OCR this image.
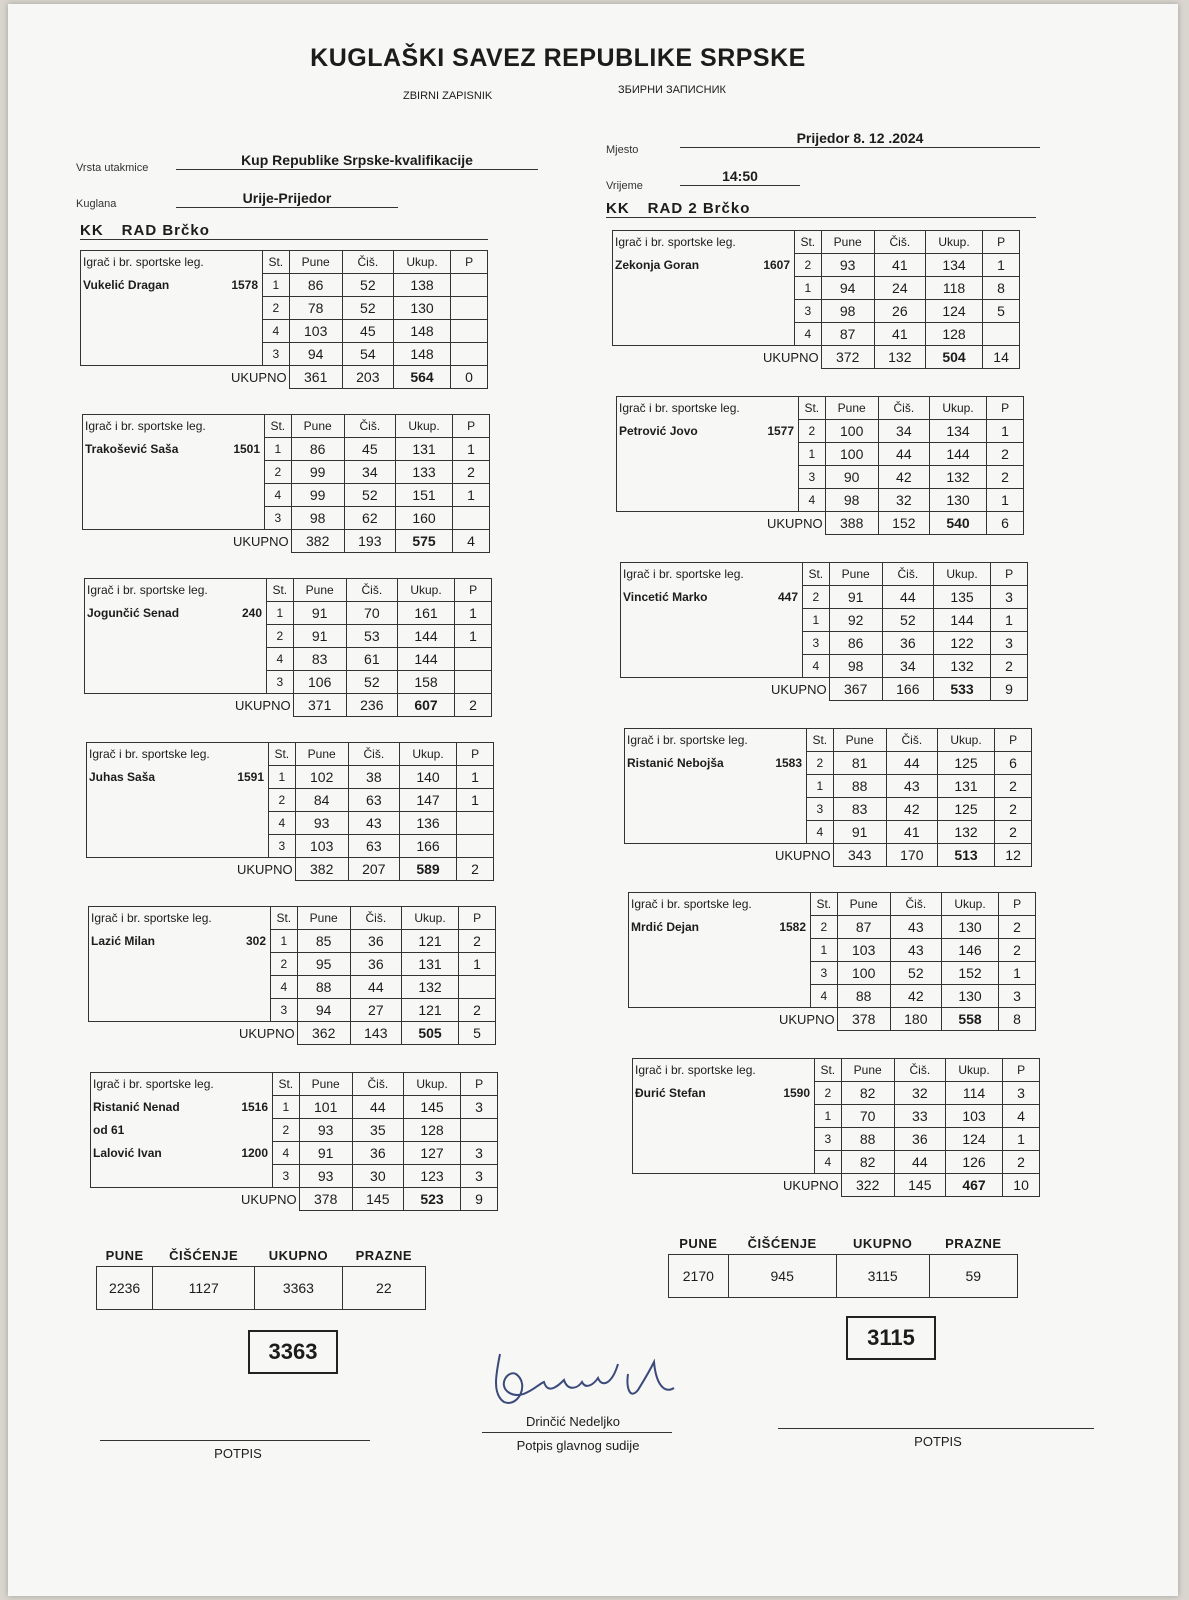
KUGLAŠKI SAVEZ REPUBLIKE SRPSKE
ZBIRNI ZAPISNIK	ЗБИРНИ ЗАПИСНИК
Vrsta utakmice	Kup Republike Srpske-kvalifikacije
Kuglana	Urije-Prijedor
Mjesto
Prijedor 8. 12 .2024
Vrijeme
14:50
KK RAD Brčko
KK RAD 2 Brčko
Igrač i br. sportske leg.	St.	Pune	Čiš.	Ukup.	P
Vukelić Dragan 1578	1	86	52	138	
	2	78	52	130	

	4	103	45	148	
	3	94	54	148	
UKUPNO		361	203	564	0
Igrač i br. sportske leg.	St.	Pune	Čiš.	Ukup.	P
Trakošević Saša 1501	1	86	45	131	1
	2	99	34	133	2

	4	99	52	151	1
	3	98	62	160	
UKUPNO		382	193	575	4
Igrač i br. sportske leg.	St.	Pune	Čiš.	Ukup.	P
Jogunčić Senad 240	1	91	70	161	1
	2	91	53	144	1

	4	83	61	144	
	3	106	52	158	
UKUPNO		371	236	607	2
Igrač i br. sportske leg.	St.	Pune	Čiš.	Ukup.	P
Juhas Saša 1591	1	102	38	140	1
	2	84	63	147	1

	4	93	43	136	
	3	103	63	166	
UKUPNO		382	207	589	2
Igrač i br. sportske leg.	St.	Pune	Čiš.	Ukup.	P
Lazić Milan 302	1	85	36	121	2
	2	95	36	131	1

	4	88	44	132	
	3	94	27	121	2
UKUPNO		362	143	505	5
Igrač i br. sportske leg.	St.	Pune	Čiš.	Ukup.	P
Ristanić Nenad 1516	1	101	44	145	3
od 61	2	93	35	128	
Lalović Ivan 1200	4	91	36	127	3
	3	93	30	123	3
UKUPNO		378	145	523	9
Igrač i br. sportske leg.	St.	Pune	Čiš.	Ukup.	P
Zekonja Goran 1607	2	93	41	134	1
	1	94	24	118	8

	3	98	26	124	5
	4	87	41	128	
UKUPNO		372	132	504	14
Igrač i br. sportske leg.	St.	Pune	Čiš.	Ukup.	P
Petrović Jovo 1577	2	100	34	134	1
	1	100	44	144	2

	3	90	42	132	2
	4	98	32	130	1
UKUPNO		388	152	540	6
Igrač i br. sportske leg.	St.	Pune	Čiš.	Ukup.	P
Vincetić Marko 447	2	91	44	135	3
	1	92	52	144	1

	3	86	36	122	3
	4	98	34	132	2
UKUPNO		367	166	533	9
Igrač i br. sportske leg.	St.	Pune	Čiš.	Ukup.	P
Ristanić Nebojša 1583	2	81	44	125	6
	1	88	43	131	2

	3	83	42	125	2
	4	91	41	132	2
UKUPNO		343	170	513	12
Igrač i br. sportske leg.	St.	Pune	Čiš.	Ukup.	P
Mrdić Dejan 1582	2	87	43	130	2
	1	103	43	146	2

	3	100	52	152	1
	4	88	42	130	3
UKUPNO		378	180	558	8
Igrač i br. sportske leg.	St.	Pune	Čiš.	Ukup.	P
Đurić Stefan 1590	2	82	32	114	3
	1	70	33	103	4

	3	88	36	124	1
	4	82	44	126	2
UKUPNO		322	145	467	10
PUNE	ČIŠĆENJE	UKUPNO	PRAZNE
2236	1127	3363	22
3363
PUNE	ČIŠĆENJE	UKUPNO	PRAZNE
2170	945	3115	59
3115
Drinčić Nedeljko
Potpis glavnog sudije
POTPIS
POTPIS
